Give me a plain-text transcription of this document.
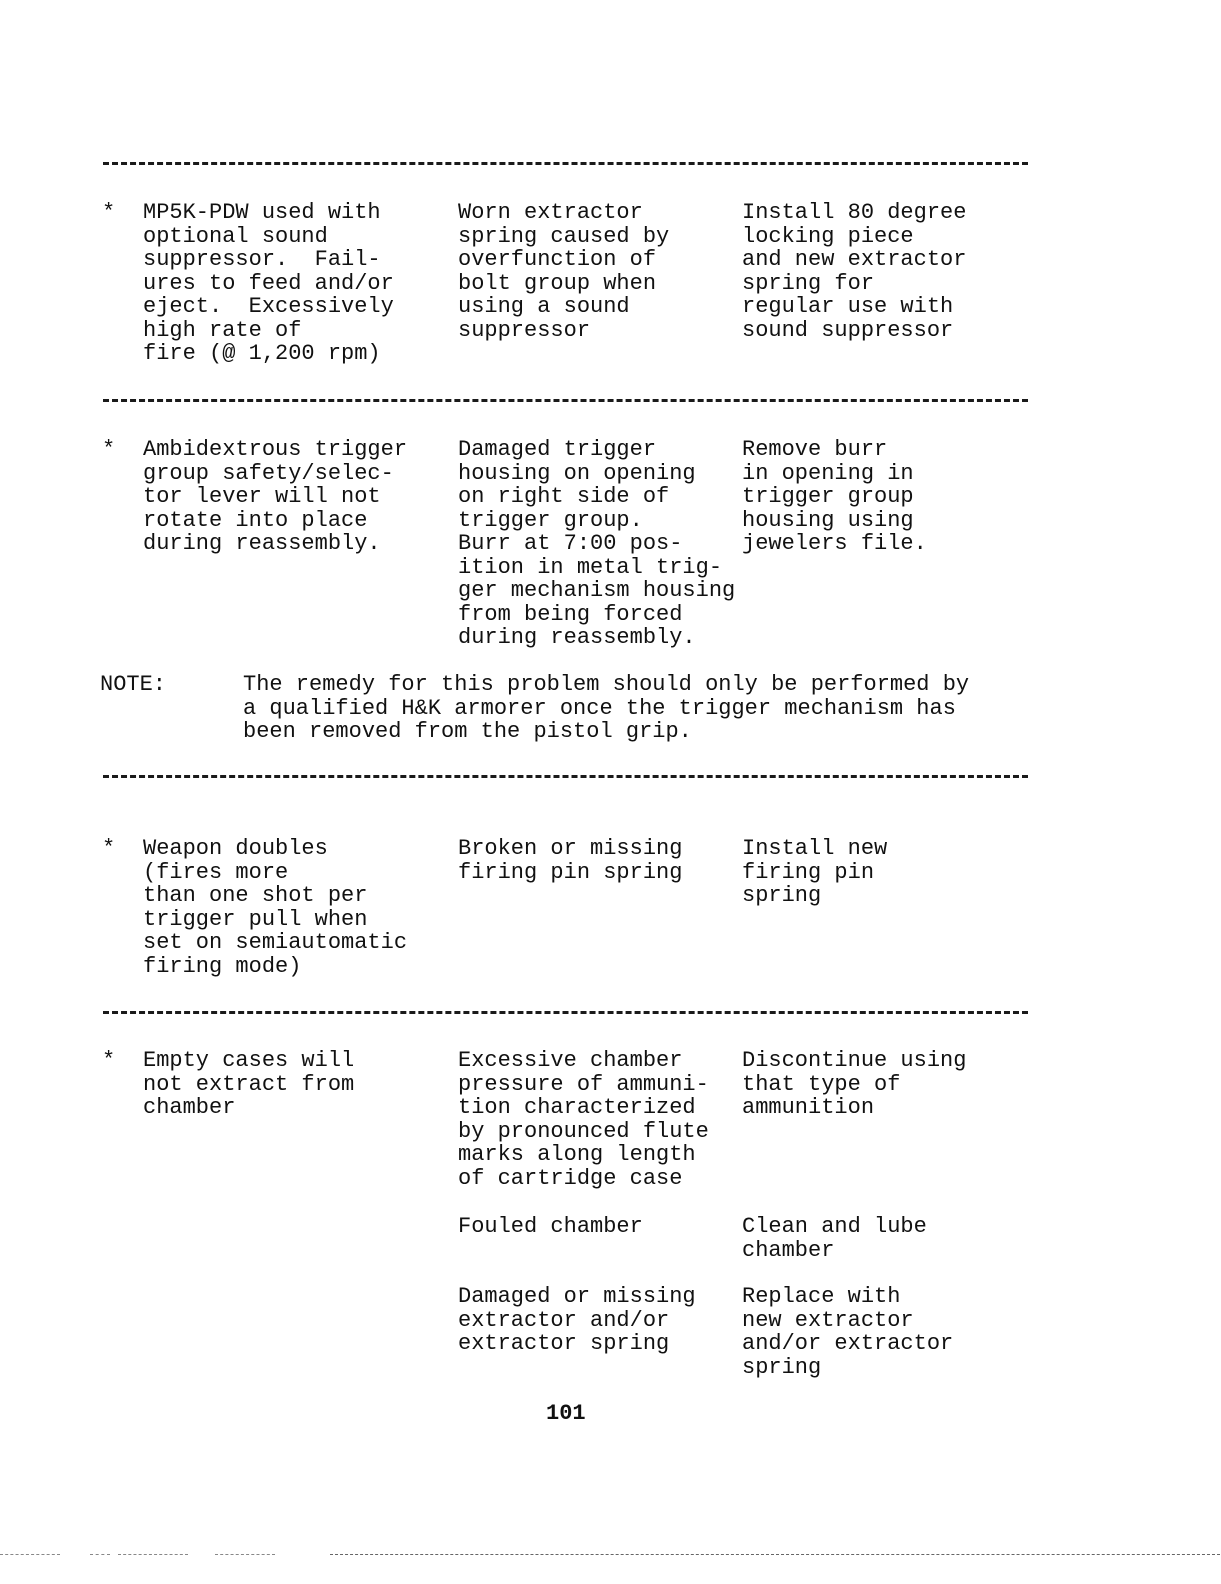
* MP5K-PDW used with
optional sound
suppressor.  Fail-
ures to feed and/or
eject.  Excessively
high rate of
fire (@ 1,200 rpm)
Worn extractor
spring caused by
overfunction of
bolt group when
using a sound
suppressor
Install 80 degree
locking piece
and new extractor
spring for
regular use with
sound suppressor
* Ambidextrous trigger
group safety/selec-
tor lever will not
rotate into place
during reassembly.
Damaged trigger
housing on opening
on right side of
trigger group.
Burr at 7:00 pos-
ition in metal trig-
ger mechanism housing
from being forced
during reassembly.
Remove burr
in opening in
trigger group
housing using
jewelers file.
NOTE:	The remedy for this problem should only be performed by
a qualified H&K armorer once the trigger mechanism has
been removed from the pistol grip.
* Weapon doubles
(fires more
than one shot per
trigger pull when
set on semiautomatic
firing mode)
Broken or missing
firing pin spring
Install new
firing pin
spring
* Empty cases will
not extract from
chamber
Excessive chamber
pressure of ammuni-
tion characterized
by pronounced flute
marks along length
of cartridge case
Discontinue using
that type of
ammunition
Fouled chamber	Clean and lube
chamber
Damaged or missing
extractor and/or
extractor spring
Replace with
new extractor
and/or extractor
spring
101
